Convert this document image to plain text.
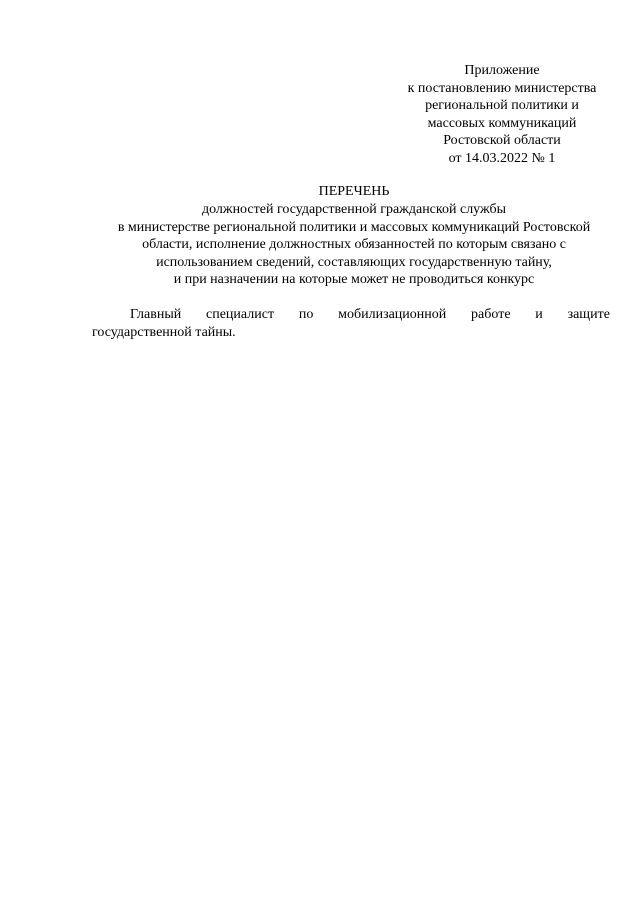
Приложение
к постановлению министерства
региональной политики и
массовых коммуникаций
Ростовской области
от 14.03.2022 № 1
ПЕРЕЧЕНЬ
должностей государственной гражданской службы
в министерстве региональной политики и массовых коммуникаций Ростовской
области, исполнение должностных обязанностей по которым связано с
использованием сведений, составляющих государственную тайну,
и при назначении на которые может не проводиться конкурс
Главный специалист по мобилизационной работе и защите
государственной тайны.
